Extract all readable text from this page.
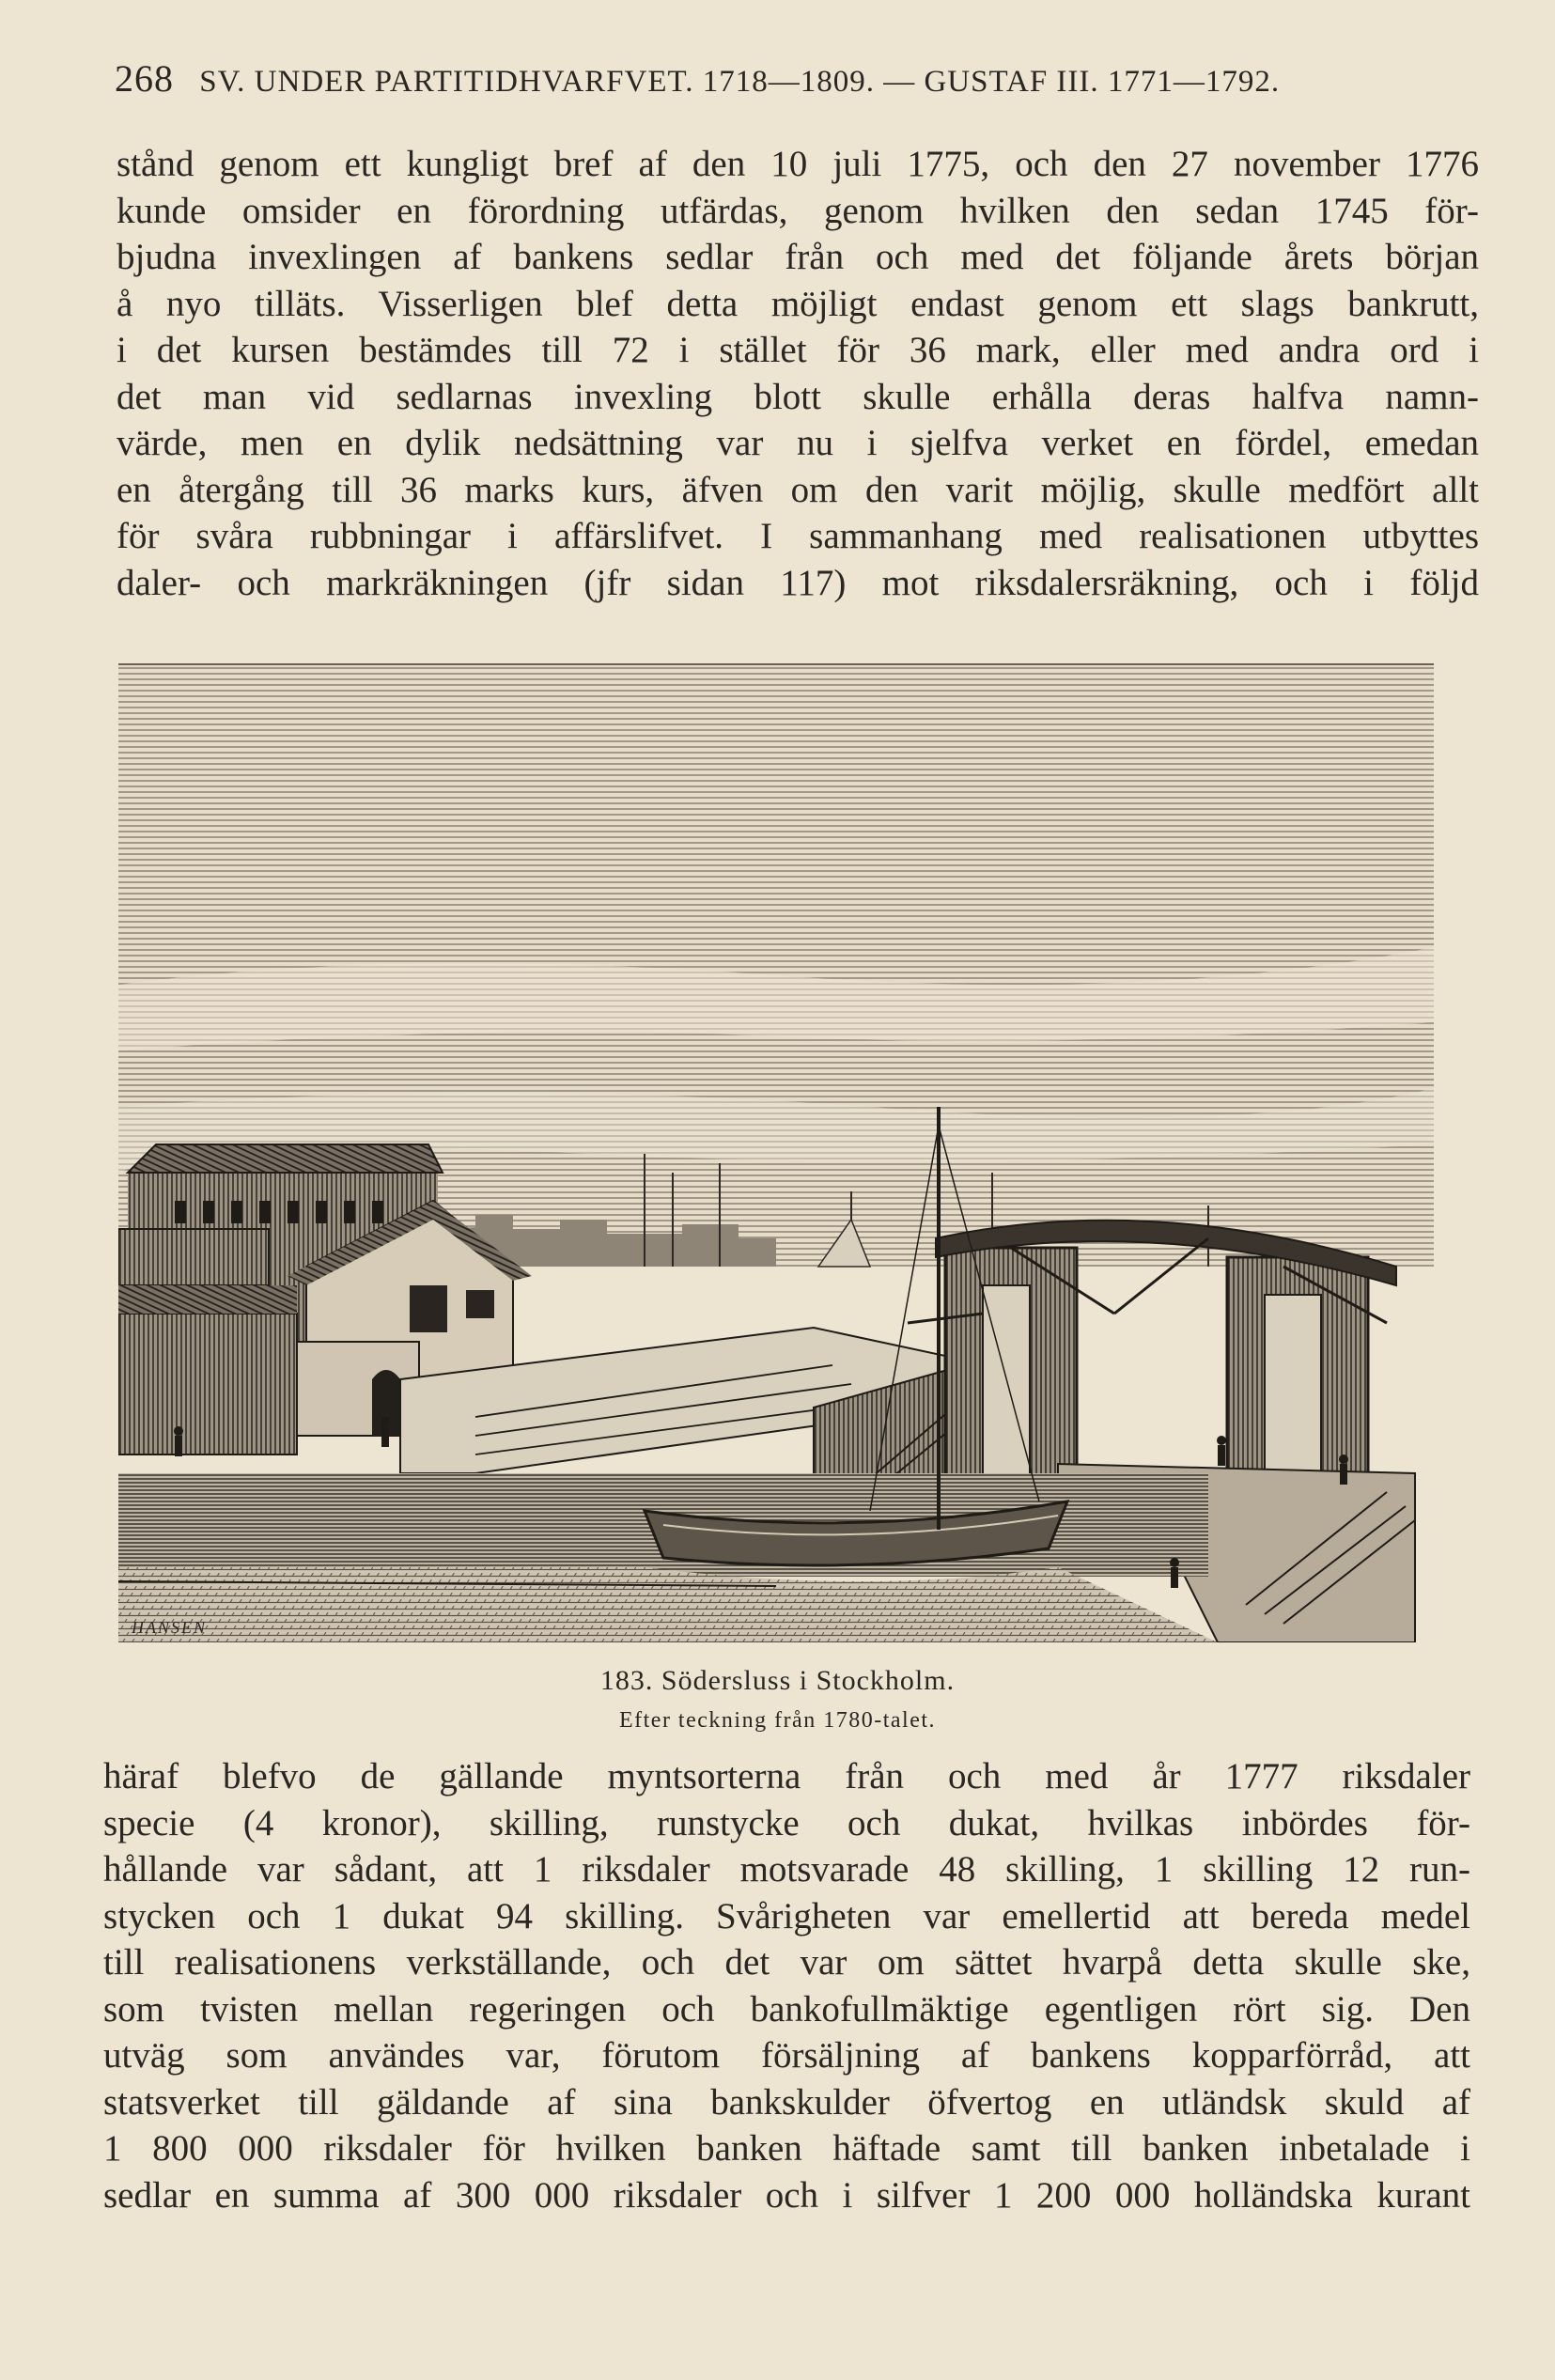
268 SV. UNDER PARTITIDHVARFVET. 1718—1809. — GUSTAF III. 1771—1792.

stånd genom ett kungligt bref af den 10 juli 1775, och den 27 november 1776
kunde omsider en förordning utfärdas, genom hvilken den sedan 1745 för-
bjudna invexlingen af bankens sedlar från och med det följande årets början
å nyo tilläts. Visserligen blef detta möjligt endast genom ett slags bankrutt,
i det kursen bestämdes till 72 i stället för 36 mark, eller med andra ord i
det man vid sedlarnas invexling blott skulle erhålla deras halfva namn-
värde, men en dylik nedsättning var nu i sjelfva verket en fördel, emedan
en återgång till 36 marks kurs, äfven om den varit möjlig, skulle medfört allt
för svåra rubbningar i affärslifvet. I sammanhang med realisationen utbyttes
daler- och markräkningen (jfr sidan 117) mot riksdalersräkning, och i följd

HANSEN
183. Södersluss i Stockholm.
Efter teckning från 1780-talet.

häraf blefvo de gällande myntsorterna från och med år 1777 riksdaler
specie (4 kronor), skilling, runstycke och dukat, hvilkas inbördes för-
hållande var sådant, att 1 riksdaler motsvarade 48 skilling, 1 skilling 12 run-
stycken och 1 dukat 94 skilling. Svårigheten var emellertid att bereda medel
till realisationens verkställande, och det var om sättet hvarpå detta skulle ske,
som tvisten mellan regeringen och bankofullmäktige egentligen rört sig. Den
utväg som användes var, förutom försäljning af bankens kopparförråd, att
statsverket till gäldande af sina bankskulder öfvertog en utländsk skuld af
1 800 000 riksdaler för hvilken banken häftade samt till banken inbetalade i
sedlar en summa af 300 000 riksdaler och i silfver 1 200 000 holländska kurant
